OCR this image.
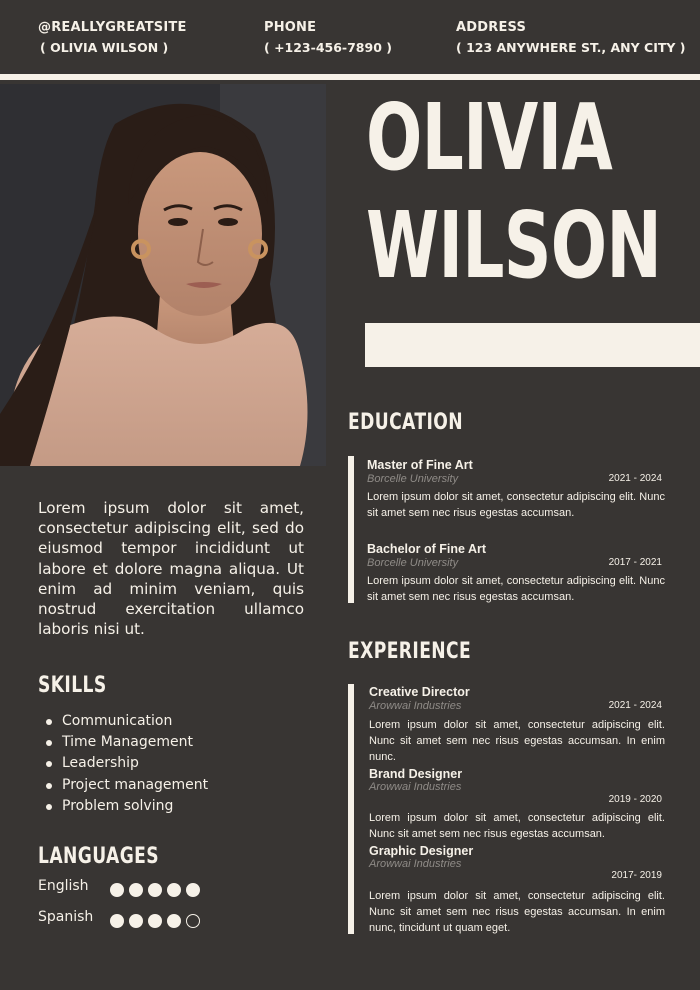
@REALLYGREATSITE
( OLIVIA WILSON )
PHONE
( +123-456-7890 )
ADDRESS
( 123 ANYWHERE ST., ANY CITY )
OLIVIA
WILSON
Lorem ipsum dolor sit amet, consectetur adipiscing elit, sed do eiusmod tempor incididunt ut labore et dolore magna aliqua. Ut enim ad minim veniam, quis nostrud exercitation ullamco laboris nisi ut.
SKILLS
Communication
Time Management
Leadership
Project management
Problem solving
LANGUAGES
English
Spanish
EDUCATION
Master of Fine Art
Borcelle University	2021 - 2024
Lorem ipsum dolor sit amet, consectetur adipiscing elit. Nunc sit amet sem nec risus egestas accumsan.
Bachelor of Fine Art
Borcelle University	2017 - 2021
Lorem ipsum dolor sit amet, consectetur adipiscing elit. Nunc sit amet sem nec risus egestas accumsan.
EXPERIENCE
Creative Director
Arowwai Industries	2021 - 2024
Lorem ipsum dolor sit amet, consectetur adipiscing elit. Nunc sit amet sem nec risus egestas accumsan. In enim nunc.
Brand Designer
Arowwai Industries
2019 - 2020
Lorem ipsum dolor sit amet, consectetur adipiscing elit. Nunc sit amet sem nec risus egestas accumsan.
Graphic Designer
Arowwai Industries
2017- 2019
Lorem ipsum dolor sit amet, consectetur adipiscing elit. Nunc sit amet sem nec risus egestas accumsan. In enim nunc, tincidunt ut quam eget.
